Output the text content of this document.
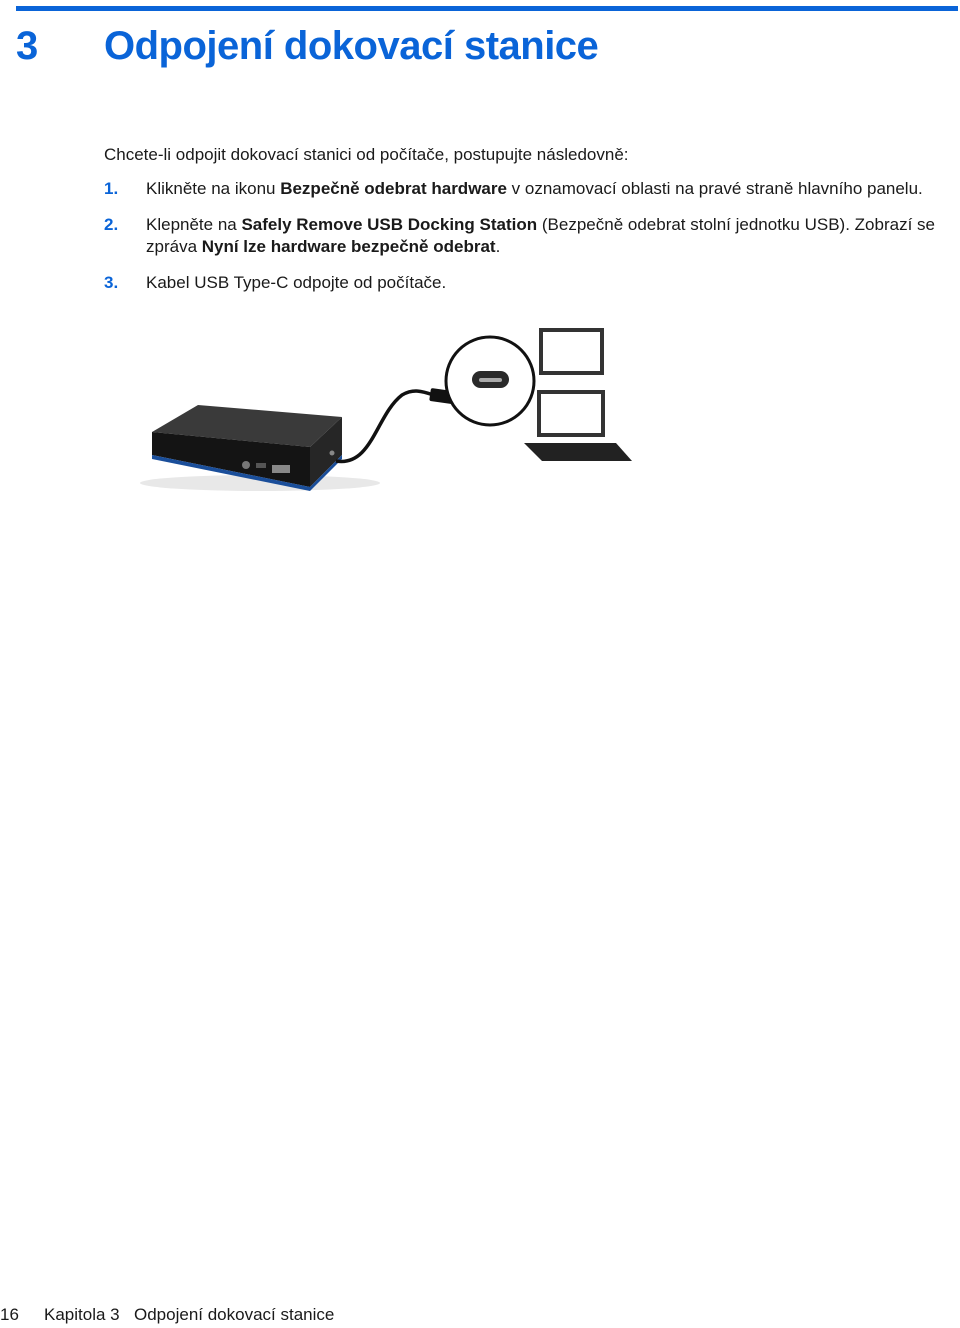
3 Odpojení dokovací stanice

Chcete-li odpojit dokovací stanici od počítače, postupujte následovně:

1. Klikněte na ikonu Bezpečně odebrat hardware v oznamovací oblasti na pravé straně hlavního panelu.
2. Klepněte na Safely Remove USB Docking Station (Bezpečně odebrat stolní jednotku USB). Zobrazí se zpráva Nyní lze hardware bezpečně odebrat.
3. Kabel USB Type-C odpojte od počítače.
16 Kapitola 3 Odpojení dokovací stanice
